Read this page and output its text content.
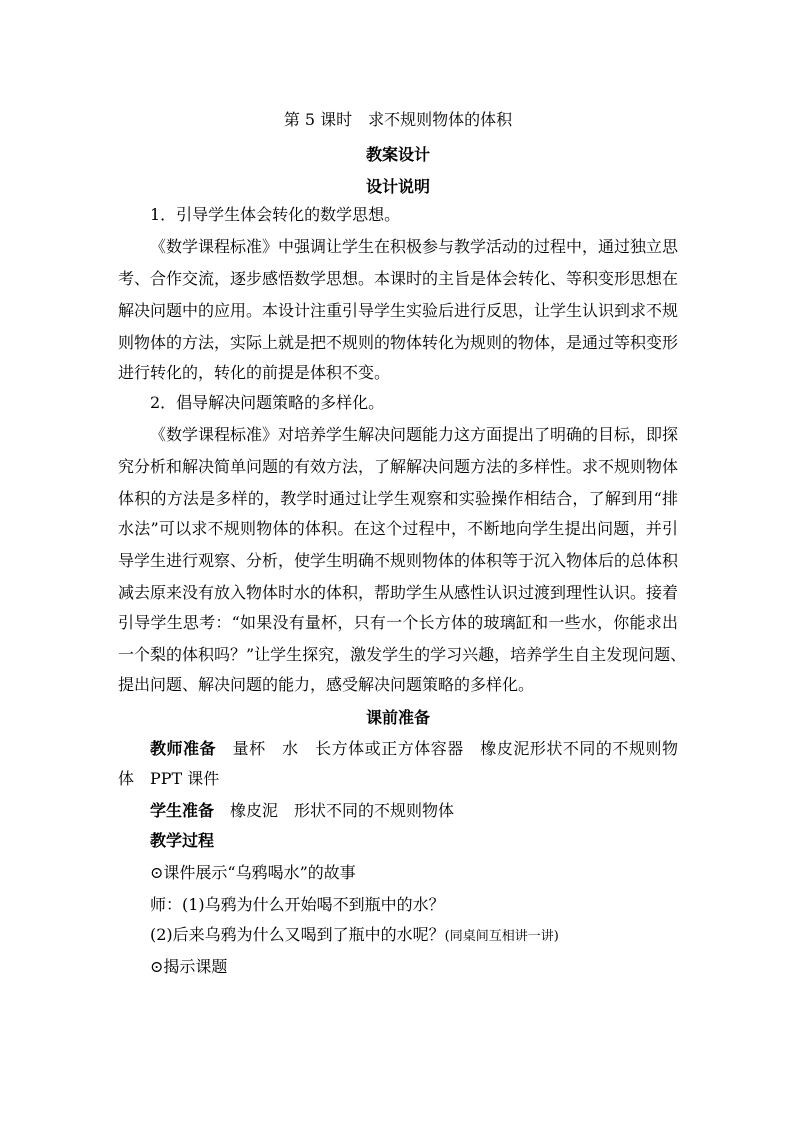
第 5 课时　求不规则物体的体积
教案设计
设计说明
1．引导学生体会转化的数学思想。
《数学课程标准》中强调让学生在积极参与教学活动的过程中，通过独立思
考、合作交流，逐步感悟数学思想。本课时的主旨是体会转化、等积变形思想在
解决问题中的应用。本设计注重引导学生实验后进行反思，让学生认识到求不规
则物体的方法，实际上就是把不规则的物体转化为规则的物体，是通过等积变形
进行转化的，转化的前提是体积不变。
2．倡导解决问题策略的多样化。
《数学课程标准》对培养学生解决问题能力这方面提出了明确的目标，即探
究分析和解决简单问题的有效方法，了解解决问题方法的多样性。求不规则物体
体积的方法是多样的，教学时通过让学生观察和实验操作相结合，了解到用“排
水法”可以求不规则物体的体积。在这个过程中，不断地向学生提出问题，并引
导学生进行观察、分析，使学生明确不规则物体的体积等于沉入物体后的总体积
减去原来没有放入物体时水的体积，帮助学生从感性认识过渡到理性认识。接着
引导学生思考：“如果没有量杯，只有一个长方体的玻璃缸和一些水，你能求出
一个梨的体积吗？”让学生探究，激发学生的学习兴趣，培养学生自主发现问题、
提出问题、解决问题的能力，感受解决问题策略的多样化。
课前准备
教师准备 量杯　水　长方体或正方体容器　橡皮泥形状不同的不规则物
体　PPT 课件
学生准备 橡皮泥　形状不同的不规则物体
教学过程
⊙课件展示“乌鸦喝水”的故事
师：(1)乌鸦为什么开始喝不到瓶中的水？
(2)后来乌鸦为什么又喝到了瓶中的水呢？(同桌间互相讲一讲)
⊙揭示课题
